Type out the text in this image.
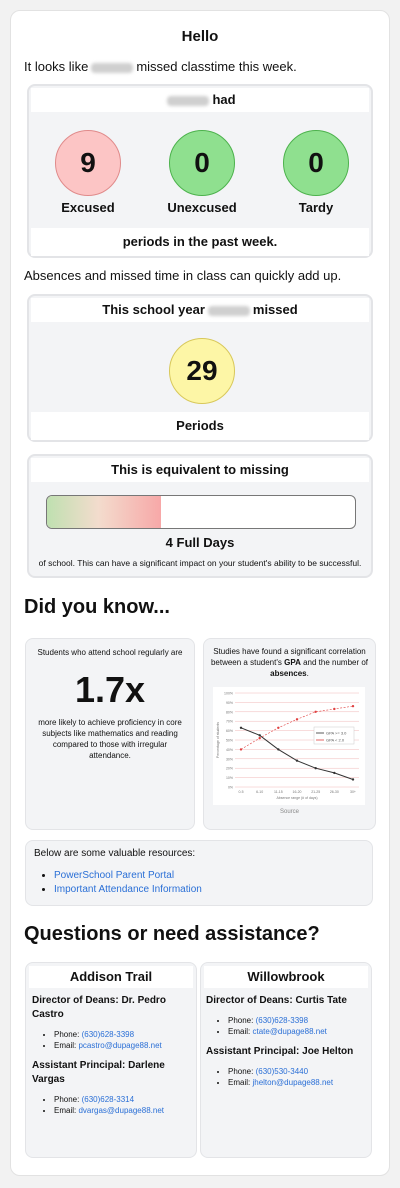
Hello
It looks like	missed classtime this week.
had
9
Excused
0
Unexcused
0
Tardy
periods in the past week.
Absences and missed time in class can quickly add up.
This school year	missed
29
Periods
This is equivalent to missing
4 Full Days
of school. This can have a significant impact on your student's ability to be successful.
Did you know...
Students who attend school regularly are
1.7x
more likely to achieve proficiency in core subjects like mathematics and reading compared to those with irregular attendance.
Studies have found a significant correlation between a student's GPA and the number of absences.
0%
10%
20%
30%
40%
50%
60%
70%
80%
90%
100%
0-5	6-10	11-15	16-20	21-25	26-30	30+
Percentage of students
Absence range (# of days)
GPA >= 3.0
GPA < 2.0
Source
Below are some valuable resources:
• PowerSchool Parent Portal
• Important Attendance Information
Questions or need assistance?
Addison Trail
Director of Deans: Dr. Pedro Castro
• Phone: (630)628-3398
• Email: pcastro@dupage88.net
Assistant Principal: Darlene Vargas
• Phone: (630)628-3314
• Email: dvargas@dupage88.net
Willowbrook
Director of Deans: Curtis Tate
• Phone: (630)628-3398
• Email: ctate@dupage88.net
Assistant Principal: Joe Helton
• Phone: (630)530-3440
• Email: jhelton@dupage88.net
